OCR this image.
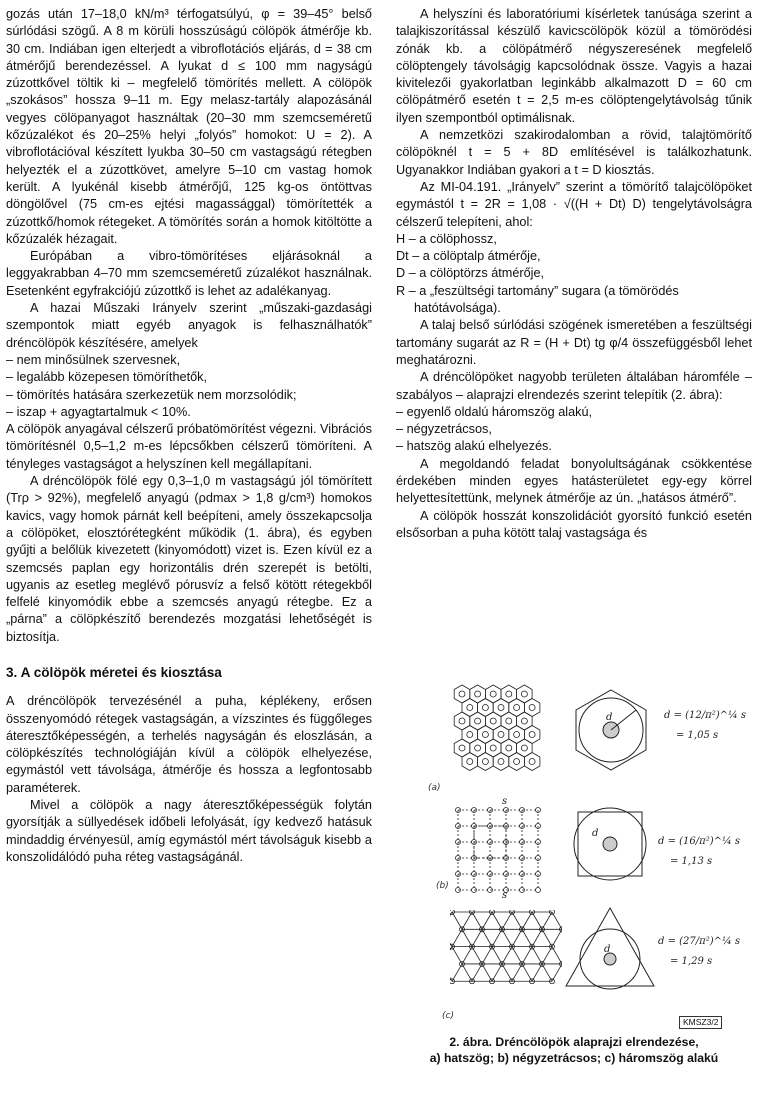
gozás után 17–18,0 kN/m³ térfogatsúlyú, φ = 39–45° belső súrlódási szögű. A 8 m körüli hosszúságú cölöpök átmérője kb. 30 cm. Indiában igen elterjedt a vibroflotációs eljárás, d = 38 cm átmérőjű berendezéssel. A lyukat d ≤ 100 mm nagyságú zúzottkővel töltik ki – megfelelő tömörítés mellett. A cölöpök „szokásos” hossza 9–11 m. Egy melasz-tartály alapozásánál vegyes cölöpanyagot használtak (20–30 mm szemcseméretű kőzúzalékot és 20–25% helyi „folyós” homokot: U = 2). A vibroflotációval készített lyukba 30–50 cm vastagságú rétegben helyezték el a zúzottkövet, amelyre 5–10 cm vastag homok került. A lyukénál kisebb átmérőjű, 125 kg-os öntöttvas döngölővel (75 cm-es ejtési magassággal) tömörítették a zúzottkő/homok rétegeket. A tömörítés során a homok kitöltötte a kőzúzalék hézagait.

Európában a vibro-tömörítéses eljárásoknál a leggyakrabban 4–70 mm szemcseméretű zúzalékot használnak. Esetenként egyfrakciójú zúzottkő is lehet az adalékanyag.

A hazai Műszaki Irányelv szerint „műszaki-gazdasági szempontok miatt egyéb anyagok is felhasználhatók” dréncölöpök készítésére, amelyek

– nem minősülnek szervesnek,

– legalább közepesen tömöríthetők,

– tömörítés hatására szerkezetük nem morzsolódik;

– iszap + agyagtartalmuk < 10%.

A cölöpök anyagával célszerű próbatömörítést végezni. Vibrációs tömörítésnél 0,5–1,2 m-es lépcsőkben célszerű tömöríteni. A tényleges vastagságot a helyszínen kell megállapítani.

A dréncölöpök fölé egy 0,3–1,0 m vastagságú jól tömörített (Trρ > 92%), megfelelő anyagú (ρdmax > 1,8 g/cm³) homokos kavics, vagy homok párnát kell beépíteni, amely összekapcsolja a cölöpöket, elosztórétegként működik (1. ábra), és egyben gyűjti a belőlük kivezetett (kinyomódott) vizet is. Ezen kívül ez a szemcsés paplan egy horizontális drén szerepét is betölti, ugyanis az esetleg meglévő pórusvíz a felső kötött rétegekből felfelé kinyomódik ebbe a szemcsés anyagú rétegbe. Ez a „párna” a cölöpkészítő berendezés mozgatási lehetőségét is biztosítja.

3. A cölöpök méretei és kiosztása

A dréncölöpök tervezésénél a puha, képlékeny, erősen összenyomódó rétegek vastagságán, a vízszintes és függőleges áteresztőképességén, a terhelés nagyságán és eloszlásán, a cölöpkészítés technológiáján kívül a cölöpök elhelyezése, egymástól vett távolsága, átmérője és hossza a legfontosabb paraméterek.

Mivel a cölöpök a nagy áteresztőképességük folytán gyorsítják a süllyedések időbeli lefolyását, így kedvező hatásuk mindaddig érvényesül, amíg egymástól mért távolságuk kisebb a konszolidálódó puha réteg vastagságánál.

A helyszíni és laboratóriumi kísérletek tanúsága szerint a talajkiszorítással készülő kavicscölöpök közül a tömörödési zónák kb. a cölöpátmérő négyszeresének megfelelő cölöptengely távolságig kapcsolódnak össze. Vagyis a hazai kivitelezői gyakorlatban leginkább alkalmazott D = 60 cm cölöpátmérő esetén t = 2,5 m-es cölöptengelytávolság tűnik ilyen szempontból optimálisnak.

A nemzetközi szakirodalomban a rövid, talajtömörítő cölöpöknél t = 5 + 8D említésével is találkozhatunk. Ugyanakkor Indiában gyakori a t = D kiosztás.

Az MI-04.191. „Irányelv” szerint a tömörítő talajcölöpöket egymástól t = 2R = 1,08 · √((H + Dt) D) tengelytávolságra célszerű telepíteni, ahol:

H – a cölöphossz,

Dt – a cölöptalp átmérője,

D – a cölöptörzs átmérője,

R – a „feszültségi tartomány” sugara (a tömörödés hatótávolsága).

A talaj belső súrlódási szögének ismeretében a feszültségi tartomány sugarát az R = (H + Dt) tg φ/4 összefüggésből lehet meghatározni.

A dréncölöpöket nagyobb területen általában háromféle – szabályos – alaprajzi elrendezés szerint telepítik (2. ábra):

– egyenlő oldalú háromszög alakú,

– négyzetrácsos,

– hatszög alakú elhelyezés.

A megoldandó feladat bonyolultságának csökkentése érdekében minden egyes hatásterületet egy-egy körrel helyettesítettünk, melynek átmérője az ún. „hatásos átmérő”.

A cölöpök hosszát konszolidációt gyorsító funkció esetén elsősorban a puha kötött talaj vastagsága és

d	d = (12/π²)^¼ s
= 1,05 s
(a)
s
d
d = (16/π²)^¼ s
= 1,13 s
(b)
s
d
d = (27/π²)^¼ s
= 1,29 s
(c)
KMSZ3/2
2. ábra. Dréncölöpök alaprajzi elrendezése,
a) hatszög; b) négyzetrácsos; c) háromszög alakú
